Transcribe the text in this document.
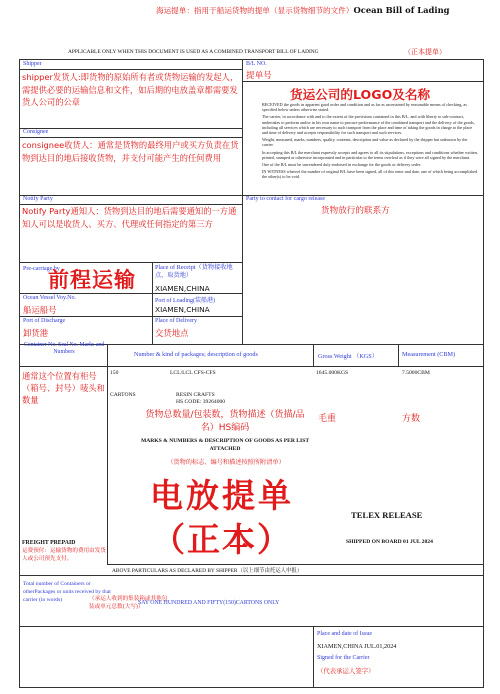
海运提单：指用于船运货物的提单（显示货物细节的文件）Ocean Bill of Lading
APPLICABLE ONLY WHEN THIS DOCUMENT IS USED AS A COMBINED TRANSPORT BILL OF LADING	（正本提单）
Shipper
shipper发货人:即货物的原始所有者或货物运输的发起人，需提供必要的运输信息和文件，如后期的电放盖章都需要发货人公司的公章
B/L NO.
提单号
货运公司的LOGO及名称

RECEIVED the goods in apparent good order and condition and as far as ascertained by reasonable means of checking, as specified below unless otherwise stated.

The carrier, in accordance with and to the extent of the provisions contained in this B/L, and with liberty to sub-contract, undertakes to perform and/or in his own name to procure performance of the combined transport and the delivery of the goods, including all services which are necessary to such transport from the place and time of taking the goods in charge to the place and time of delivery and accepts responsibility for such transport and such services.

Weight, measured, marks, numbers, quality, contents, description and value as declared by the shipper but unknown by the carrier.

In accepting this B/L the merchant expressly accepts and agrees to all its stipulations, exceptions and conditions whether written, printed, stamped or otherwise incorporated and in particular to the terms overleaf as if they were all signed by the merchant.

One of the B/L must be surrendered duly endorsed in exchange for the goods or delivery order.

IN WITNESS whereof the number of original B/L have been signed, all of this tenor and date, one of which being accomplished the other(s) to be void.

Consignee
consignee收货人：通常是货物的最终用户或买方负责在货物到达目的地后接收货物，并支付可能产生的任何费用
Notify Party
Notify Party通知人：货物到达目的地后需要通知的一方通知人可以是收货人、买方、代理或任何指定的第三方
Party to contact for cargo release
货物放行的联系方
Pre-carriage by
前程运输
Place of Receipt（货物接收地点，取货地）
XIAMEN,CHINA
Ocean Vessel Voy.No.
船运船号
Port of Loading(装船港)
XIAMEN,CHINA
Port of Discharge
卸货港
Place of Delivery
交货地点
Container No. Seal No. Marks and Numbers	Number & kind of packages; description of goods	Gross Weight （KGS）	Measurement (CBM)
通常这个位置有柜号（箱号、封号）唛头和数量
150	LCL/LCL CFS-CFS
CARTONS	RESIN CRAFTS
HS CODE: 39264000
1645.000KGS	7.5000CBM
货物总数量/包装数，货物描述（货描/品名）HS编码
毛重	方数
MARKS & NUMBERS & DESCRIPTION OF GOODS AS PER LIST ATTACHED
（货物的标志、编号和描述按照所附清单）
电放提单
（正本）
TELEX RELEASE
SHIPPED ON BOARD 01 JUL 2024
FREIGHT PREPAID
运费预付：运输货物的费用由发货人或公司预先支付。
ABOVE PARTICULARS AS DECLARED BY SHIPPER（以上细节由托运人申报）
Total number of Containers or otherPackages or units received by that carrier (in words)	（承运人收到的集装箱或其他包装或单元总数(大写)）
SAY ONE HUNDRED AND FIFTY(150)CARTONS ONLY
Place and date of Issue
XIAMEN,CHINA JUL.01,2024
Signed for the Carrier
（代表承运人签字）
